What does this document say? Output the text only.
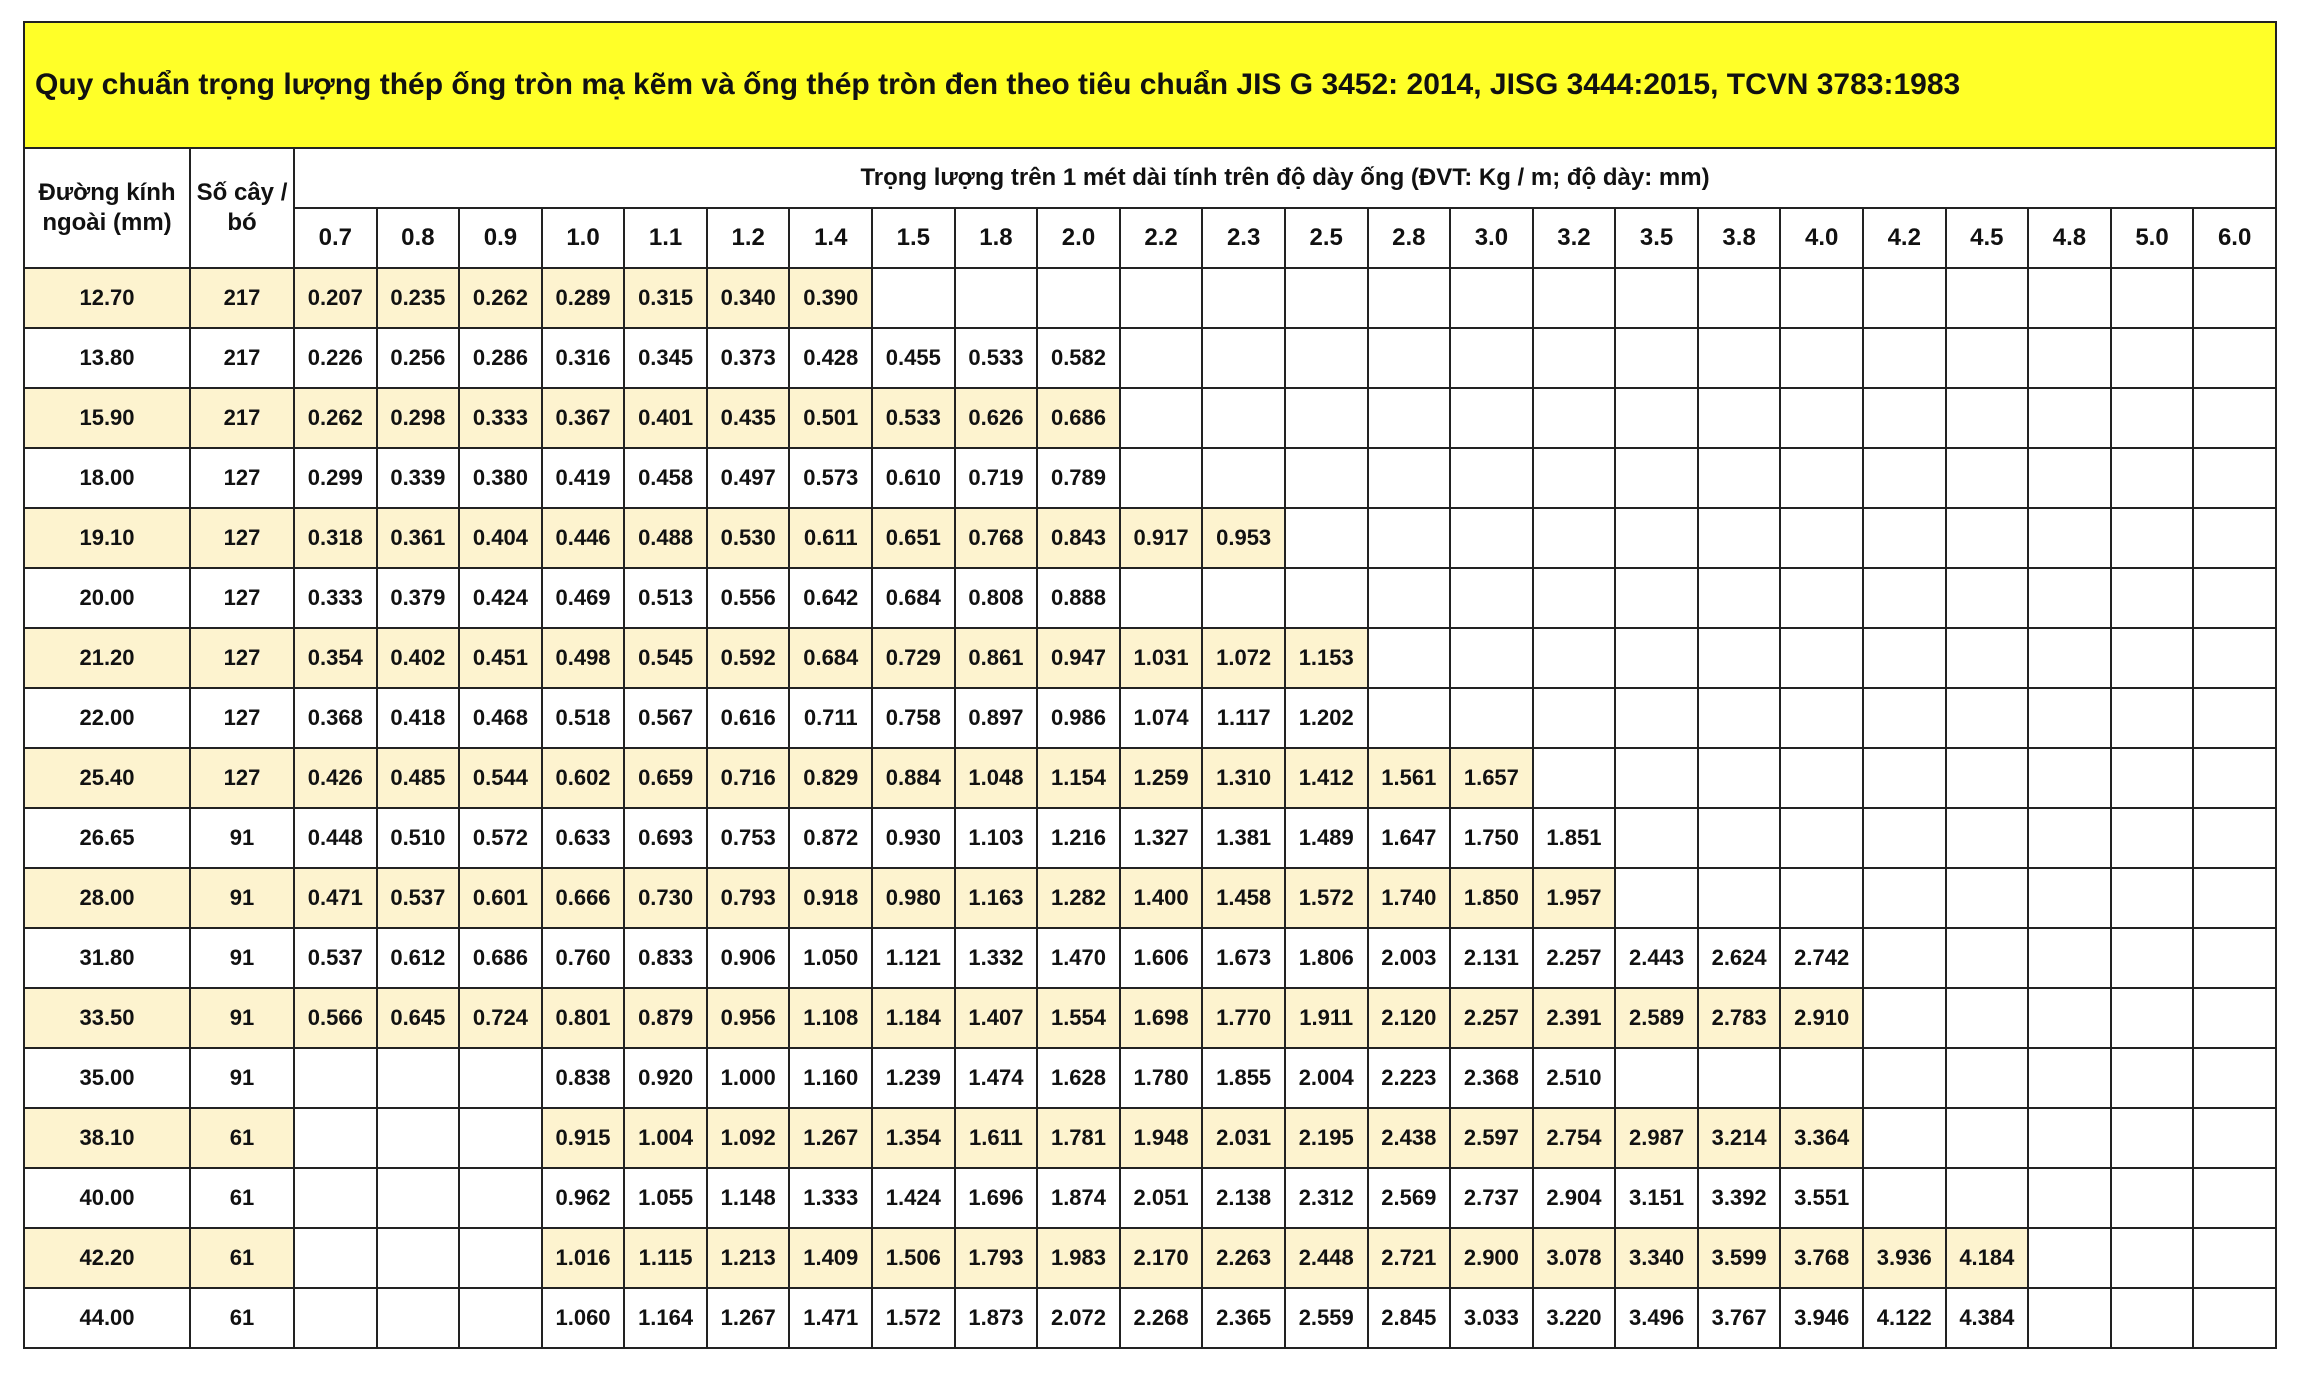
Quy chuẩn trọng lượng thép ống tròn mạ kẽm và ống thép tròn đen theo tiêu chuẩn JIS G 3452: 2014, JISG 3444:2015, TCVN 3783:1983
Đường kính ngoài (mm)	Số cây / bó	Trọng lượng trên 1 mét dài tính trên độ dày ống (ĐVT: Kg / m; độ dày: mm)																							
		0.7	0.8	0.9	1.0	1.1	1.2	1.4	1.5	1.8	2.0	2.2	2.3	2.5	2.8	3.0	3.2	3.5	3.8	4.0	4.2	4.5	4.8	5.0	6.0
12.70	217	0.207	0.235	0.262	0.289	0.315	0.340	0.390																	
13.80	217	0.226	0.256	0.286	0.316	0.345	0.373	0.428	0.455	0.533	0.582														
15.90	217	0.262	0.298	0.333	0.367	0.401	0.435	0.501	0.533	0.626	0.686														
18.00	127	0.299	0.339	0.380	0.419	0.458	0.497	0.573	0.610	0.719	0.789														
19.10	127	0.318	0.361	0.404	0.446	0.488	0.530	0.611	0.651	0.768	0.843	0.917	0.953												
20.00	127	0.333	0.379	0.424	0.469	0.513	0.556	0.642	0.684	0.808	0.888														
21.20	127	0.354	0.402	0.451	0.498	0.545	0.592	0.684	0.729	0.861	0.947	1.031	1.072	1.153											
22.00	127	0.368	0.418	0.468	0.518	0.567	0.616	0.711	0.758	0.897	0.986	1.074	1.117	1.202											
25.40	127	0.426	0.485	0.544	0.602	0.659	0.716	0.829	0.884	1.048	1.154	1.259	1.310	1.412	1.561	1.657									
26.65	91	0.448	0.510	0.572	0.633	0.693	0.753	0.872	0.930	1.103	1.216	1.327	1.381	1.489	1.647	1.750	1.851								
28.00	91	0.471	0.537	0.601	0.666	0.730	0.793	0.918	0.980	1.163	1.282	1.400	1.458	1.572	1.740	1.850	1.957								
31.80	91	0.537	0.612	0.686	0.760	0.833	0.906	1.050	1.121	1.332	1.470	1.606	1.673	1.806	2.003	2.131	2.257	2.443	2.624	2.742					
33.50	91	0.566	0.645	0.724	0.801	0.879	0.956	1.108	1.184	1.407	1.554	1.698	1.770	1.911	2.120	2.257	2.391	2.589	2.783	2.910					
35.00	91				0.838	0.920	1.000	1.160	1.239	1.474	1.628	1.780	1.855	2.004	2.223	2.368	2.510								
38.10	61				0.915	1.004	1.092	1.267	1.354	1.611	1.781	1.948	2.031	2.195	2.438	2.597	2.754	2.987	3.214	3.364					
40.00	61				0.962	1.055	1.148	1.333	1.424	1.696	1.874	2.051	2.138	2.312	2.569	2.737	2.904	3.151	3.392	3.551					
42.20	61				1.016	1.115	1.213	1.409	1.506	1.793	1.983	2.170	2.263	2.448	2.721	2.900	3.078	3.340	3.599	3.768	3.936	4.184			
44.00	61				1.060	1.164	1.267	1.471	1.572	1.873	2.072	2.268	2.365	2.559	2.845	3.033	3.220	3.496	3.767	3.946	4.122	4.384			
